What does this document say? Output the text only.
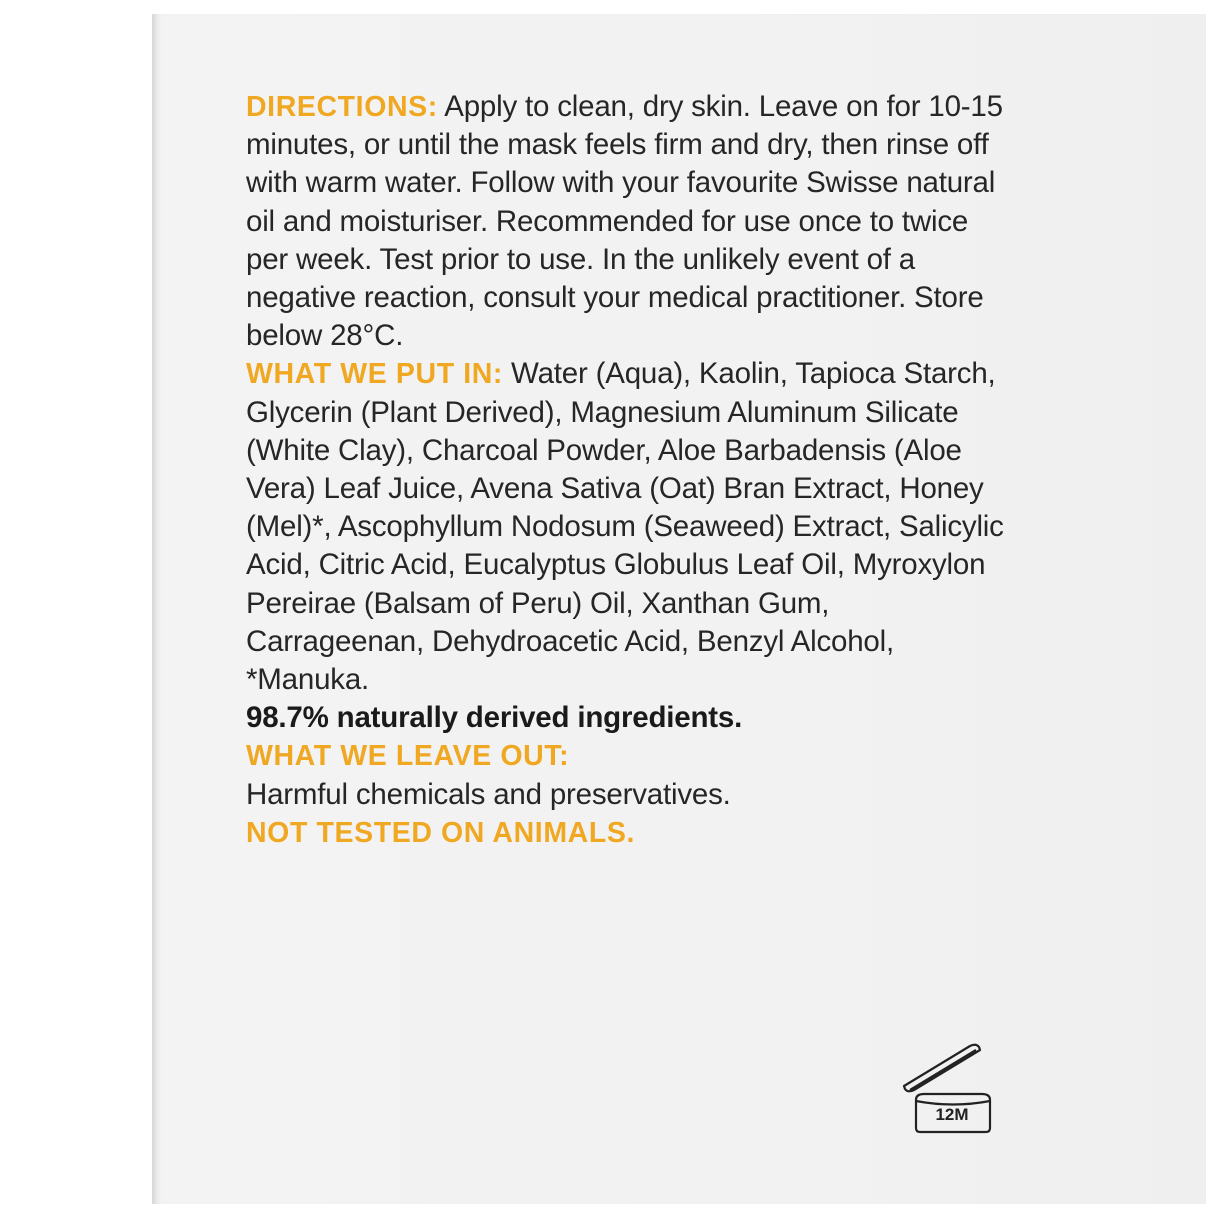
DIRECTIONS: Apply to clean, dry skin. Leave on for 10-15 minutes, or until the mask feels firm and dry, then rinse off with warm water. Follow with your favourite Swisse natural oil and moisturiser. Recommended for use once to twice per week. Test prior to use. In the unlikely event of a negative reaction, consult your medical practitioner. Store below 28°C.

WHAT WE PUT IN: Water (Aqua), Kaolin, Tapioca Starch, Glycerin (Plant Derived), Magnesium Aluminum Silicate (White Clay), Charcoal Powder, Aloe Barbadensis (Aloe Vera) Leaf Juice, Avena Sativa (Oat) Bran Extract, Honey (Mel)*, Ascophyllum Nodosum (Seaweed) Extract, Salicylic Acid, Citric Acid, Eucalyptus Globulus Leaf Oil, Myroxylon Pereirae (Balsam of Peru) Oil, Xanthan Gum, Carrageenan, Dehydroacetic Acid, Benzyl Alcohol, *Manuka.
98.7% naturally derived ingredients.

WHAT WE LEAVE OUT:
Harmful chemicals and preservatives.

NOT TESTED ON ANIMALS.

12M
